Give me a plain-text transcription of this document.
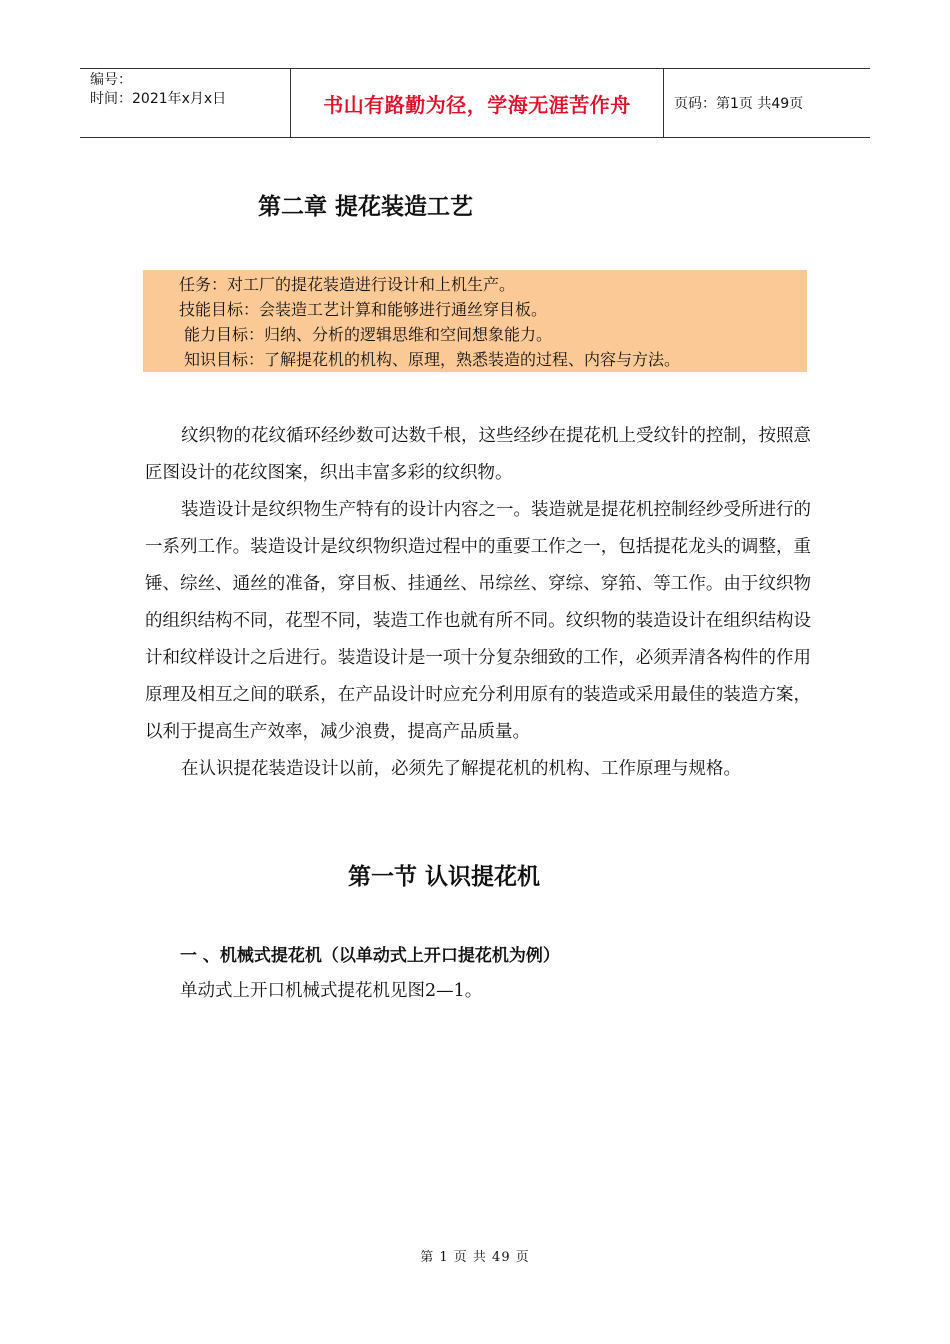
编号：
时间：2021年x月x日	书山有路勤为径，学海无涯苦作舟	页码：第1页 共49页
第二章 提花装造工艺
任务：对工厂的提花装造进行设计和上机生产。
技能目标：会装造工艺计算和能够进行通丝穿目板。
能力目标：归纳、分析的逻辑思维和空间想象能力。
知识目标：了解提花机的机构、原理，熟悉装造的过程、内容与方法。

纹织物的花纹循环经纱数可达数千根，这些经纱在提花机上受纹针的控制，按照意匠图设计的花纹图案，织出丰富多彩的纹织物。

装造设计是纹织物生产特有的设计内容之一。装造就是提花机控制经纱受所进行的一系列工作。装造设计是纹织物织造过程中的重要工作之一，包括提花龙头的调整，重锤、综丝、通丝的准备，穿目板、挂通丝、吊综丝、穿综、穿筘、等工作。由于纹织物的组织结构不同，花型不同，装造工作也就有所不同。纹织物的装造设计在组织结构设计和纹样设计之后进行。装造设计是一项十分复杂细致的工作，必须弄清各构件的作用原理及相互之间的联系，在产品设计时应充分利用原有的装造或采用最佳的装造方案，以利于提高生产效率，减少浪费，提高产品质量。

在认识提花装造设计以前，必须先了解提花机的机构、工作原理与规格。

第一节 认识提花机
一 、机械式提花机（以单动式上开口提花机为例）
单动式上开口机械式提花机见图2—1。
第 1 页 共 49 页
